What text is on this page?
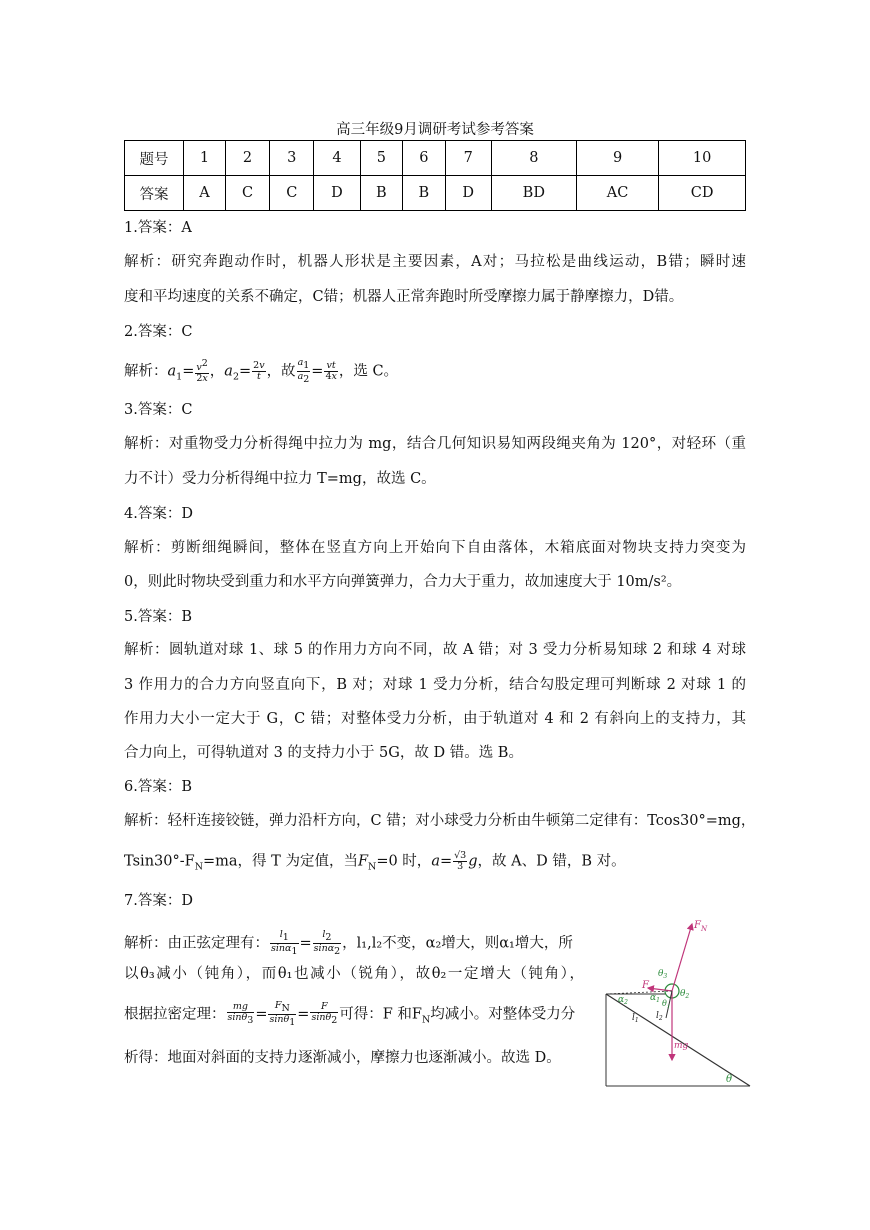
高三年级9月调研考试参考答案
题号	1	2	3	4	5	6	7	8	9	10
答案	A	C	C	D	B	B	D	BD	AC	CD
1.答案：A
解析：研究奔跑动作时，机器人形状是主要因素，A对；马拉松是曲线运动，B错；瞬时速
度和平均速度的关系不确定，C错；机器人正常奔跑时所受摩擦力属于静摩擦力，D错。
2.答案：C
解析：$a_1= \frac{v^2}{2x}$ ，$a_2= \frac{2v}{t}$ ，故 $\frac{a_1}{a_2} = \frac{vt}{4x}$ ，选 C。
3.答案：C
解析：对重物受力分析得绳中拉力为 mg，结合几何知识易知两段绳夹角为 120°，对轻环（重
力不计）受力分析得绳中拉力 T=mg，故选 C。
4.答案：D
解析：剪断细绳瞬间，整体在竖直方向上开始向下自由落体，木箱底面对物块支持力突变为
0，则此时物块受到重力和水平方向弹簧弹力，合力大于重力，故加速度大于 10m/s²。
5.答案：B
解析：圆轨道对球 1、球 5 的作用力方向不同，故 A 错；对 3 受力分析易知球 2 和球 4 对球
3 作用力的合力方向竖直向下，B 对；对球 1 受力分析，结合勾股定理可判断球 2 对球 1 的
作用力大小一定大于 G，C 错；对整体受力分析，由于轨道对 4 和 2 有斜向上的支持力，其
合力向上，可得轨道对 3 的支持力小于 5G，故 D 错。选 B。
6.答案：B
解析：轻杆连接铰链，弹力沿杆方向，C 错；对小球受力分析由牛顿第二定律有：Tcos30°=mg，
$Tsin30^\circ-F_N=ma$，得 T 为定值，当$F_N=0$ 时，$a= \frac{√3}{3}$ g，故 A、D 错，B 对。
7.答案：D
解析：由正弦定理有： $\frac{l_1}{\sin\alpha_1} = \frac{l_2}{\sin\alpha_2}$ ，l₁,l₂不变，α₂增大，则α₁增大，所
以θ₃减小（钝角），而θ₁也减小（锐角），故θ₂一定增大（钝角），
根据拉密定理： $\frac{mg}{\sin\theta_3} = \frac{F_N}{\sin\theta_1} = \frac{F}{\sin\theta_2}$ 可得：F 和$F_N$均减小。对整体受力分
析得：地面对斜面的支持力逐渐减小，摩擦力也逐渐减小。故选 D。
$F_N$
$\theta_3$
$\theta_2$
F
$\alpha_2$ $\alpha_1$ $\theta_1$
$l_2$
$l_1$
mg
θ
